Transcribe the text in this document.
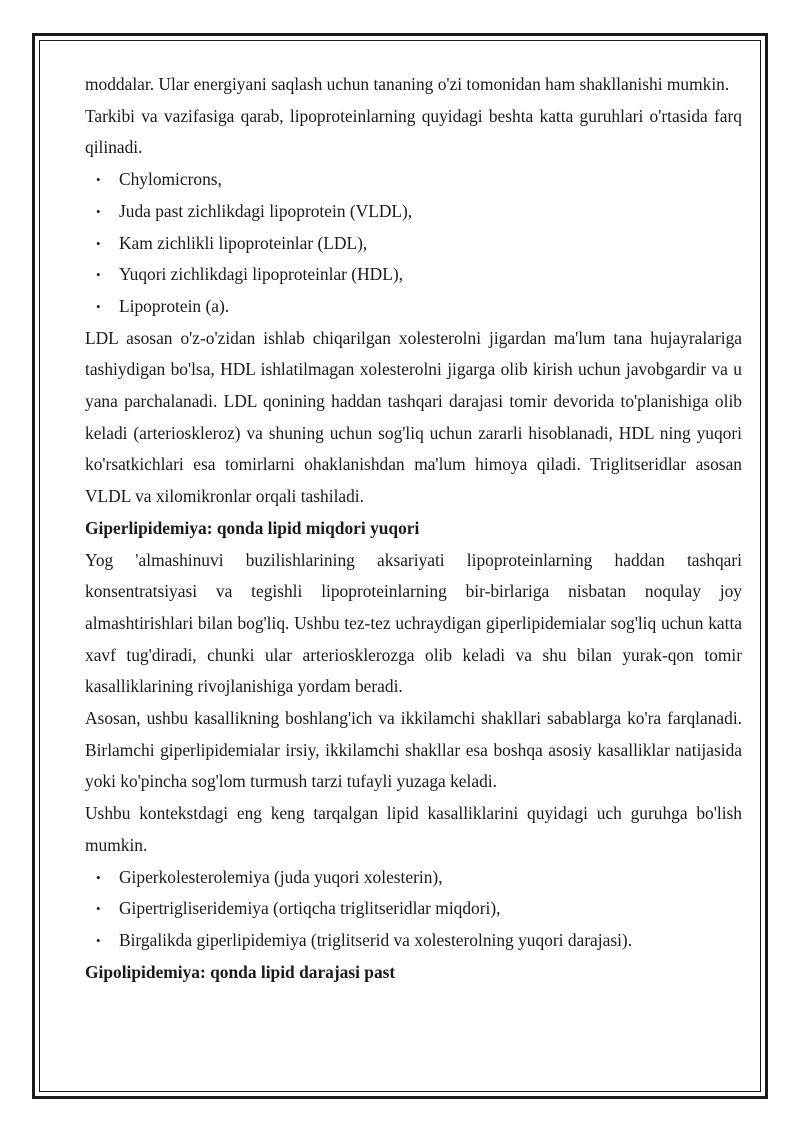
moddalar. Ular energiyani saqlash uchun tananing o'zi tomonidan ham shakllanishi mumkin.

Tarkibi va vazifasiga qarab, lipoproteinlarning quyidagi beshta katta guruhlari o'rtasida farq qilinadi.

• Chylomicrons,
• Juda past zichlikdagi lipoprotein (VLDL),
• Kam zichlikli lipoproteinlar (LDL),
• Yuqori zichlikdagi lipoproteinlar (HDL),
• Lipoprotein (a).

LDL asosan o'z-o'zidan ishlab chiqarilgan xolesterolni jigardan ma'lum tana hujayralariga tashiydigan bo'lsa, HDL ishlatilmagan xolesterolni jigarga olib kirish uchun javobgardir va u yana parchalanadi. LDL qonining haddan tashqari darajasi tomir devorida to'planishiga olib keladi (arterioskleroz) va shuning uchun sog'liq uchun zararli hisoblanadi, HDL ning yuqori ko'rsatkichlari esa tomirlarni ohaklanishdan ma'lum himoya qiladi. Triglitseridlar asosan VLDL va xilomikronlar orqali tashiladi.

Giperlipidemiya: qonda lipid miqdori yuqori

Yog 'almashinuvi buzilishlarining aksariyati lipoproteinlarning haddan tashqari konsentratsiyasi va tegishli lipoproteinlarning bir-birlariga nisbatan noqulay joy almashtirishlari bilan bog'liq. Ushbu tez-tez uchraydigan giperlipidemialar sog'liq uchun katta xavf tug'diradi, chunki ular arteriosklerozga olib keladi va shu bilan yurak-qon tomir kasalliklarining rivojlanishiga yordam beradi.

Asosan, ushbu kasallikning boshlang'ich va ikkilamchi shakllari sabablarga ko'ra farqlanadi. Birlamchi giperlipidemialar irsiy, ikkilamchi shakllar esa boshqa asosiy kasalliklar natijasida yoki ko'pincha sog'lom turmush tarzi tufayli yuzaga keladi.

Ushbu kontekstdagi eng keng tarqalgan lipid kasalliklarini quyidagi uch guruhga bo'lish mumkin.

• Giperkolesterolemiya (juda yuqori xolesterin),
• Gipertrigliseridemiya (ortiqcha triglitseridlar miqdori),
• Birgalikda giperlipidemiya (triglitserid va xolesterolning yuqori darajasi).

Gipolipidemiya: qonda lipid darajasi past
